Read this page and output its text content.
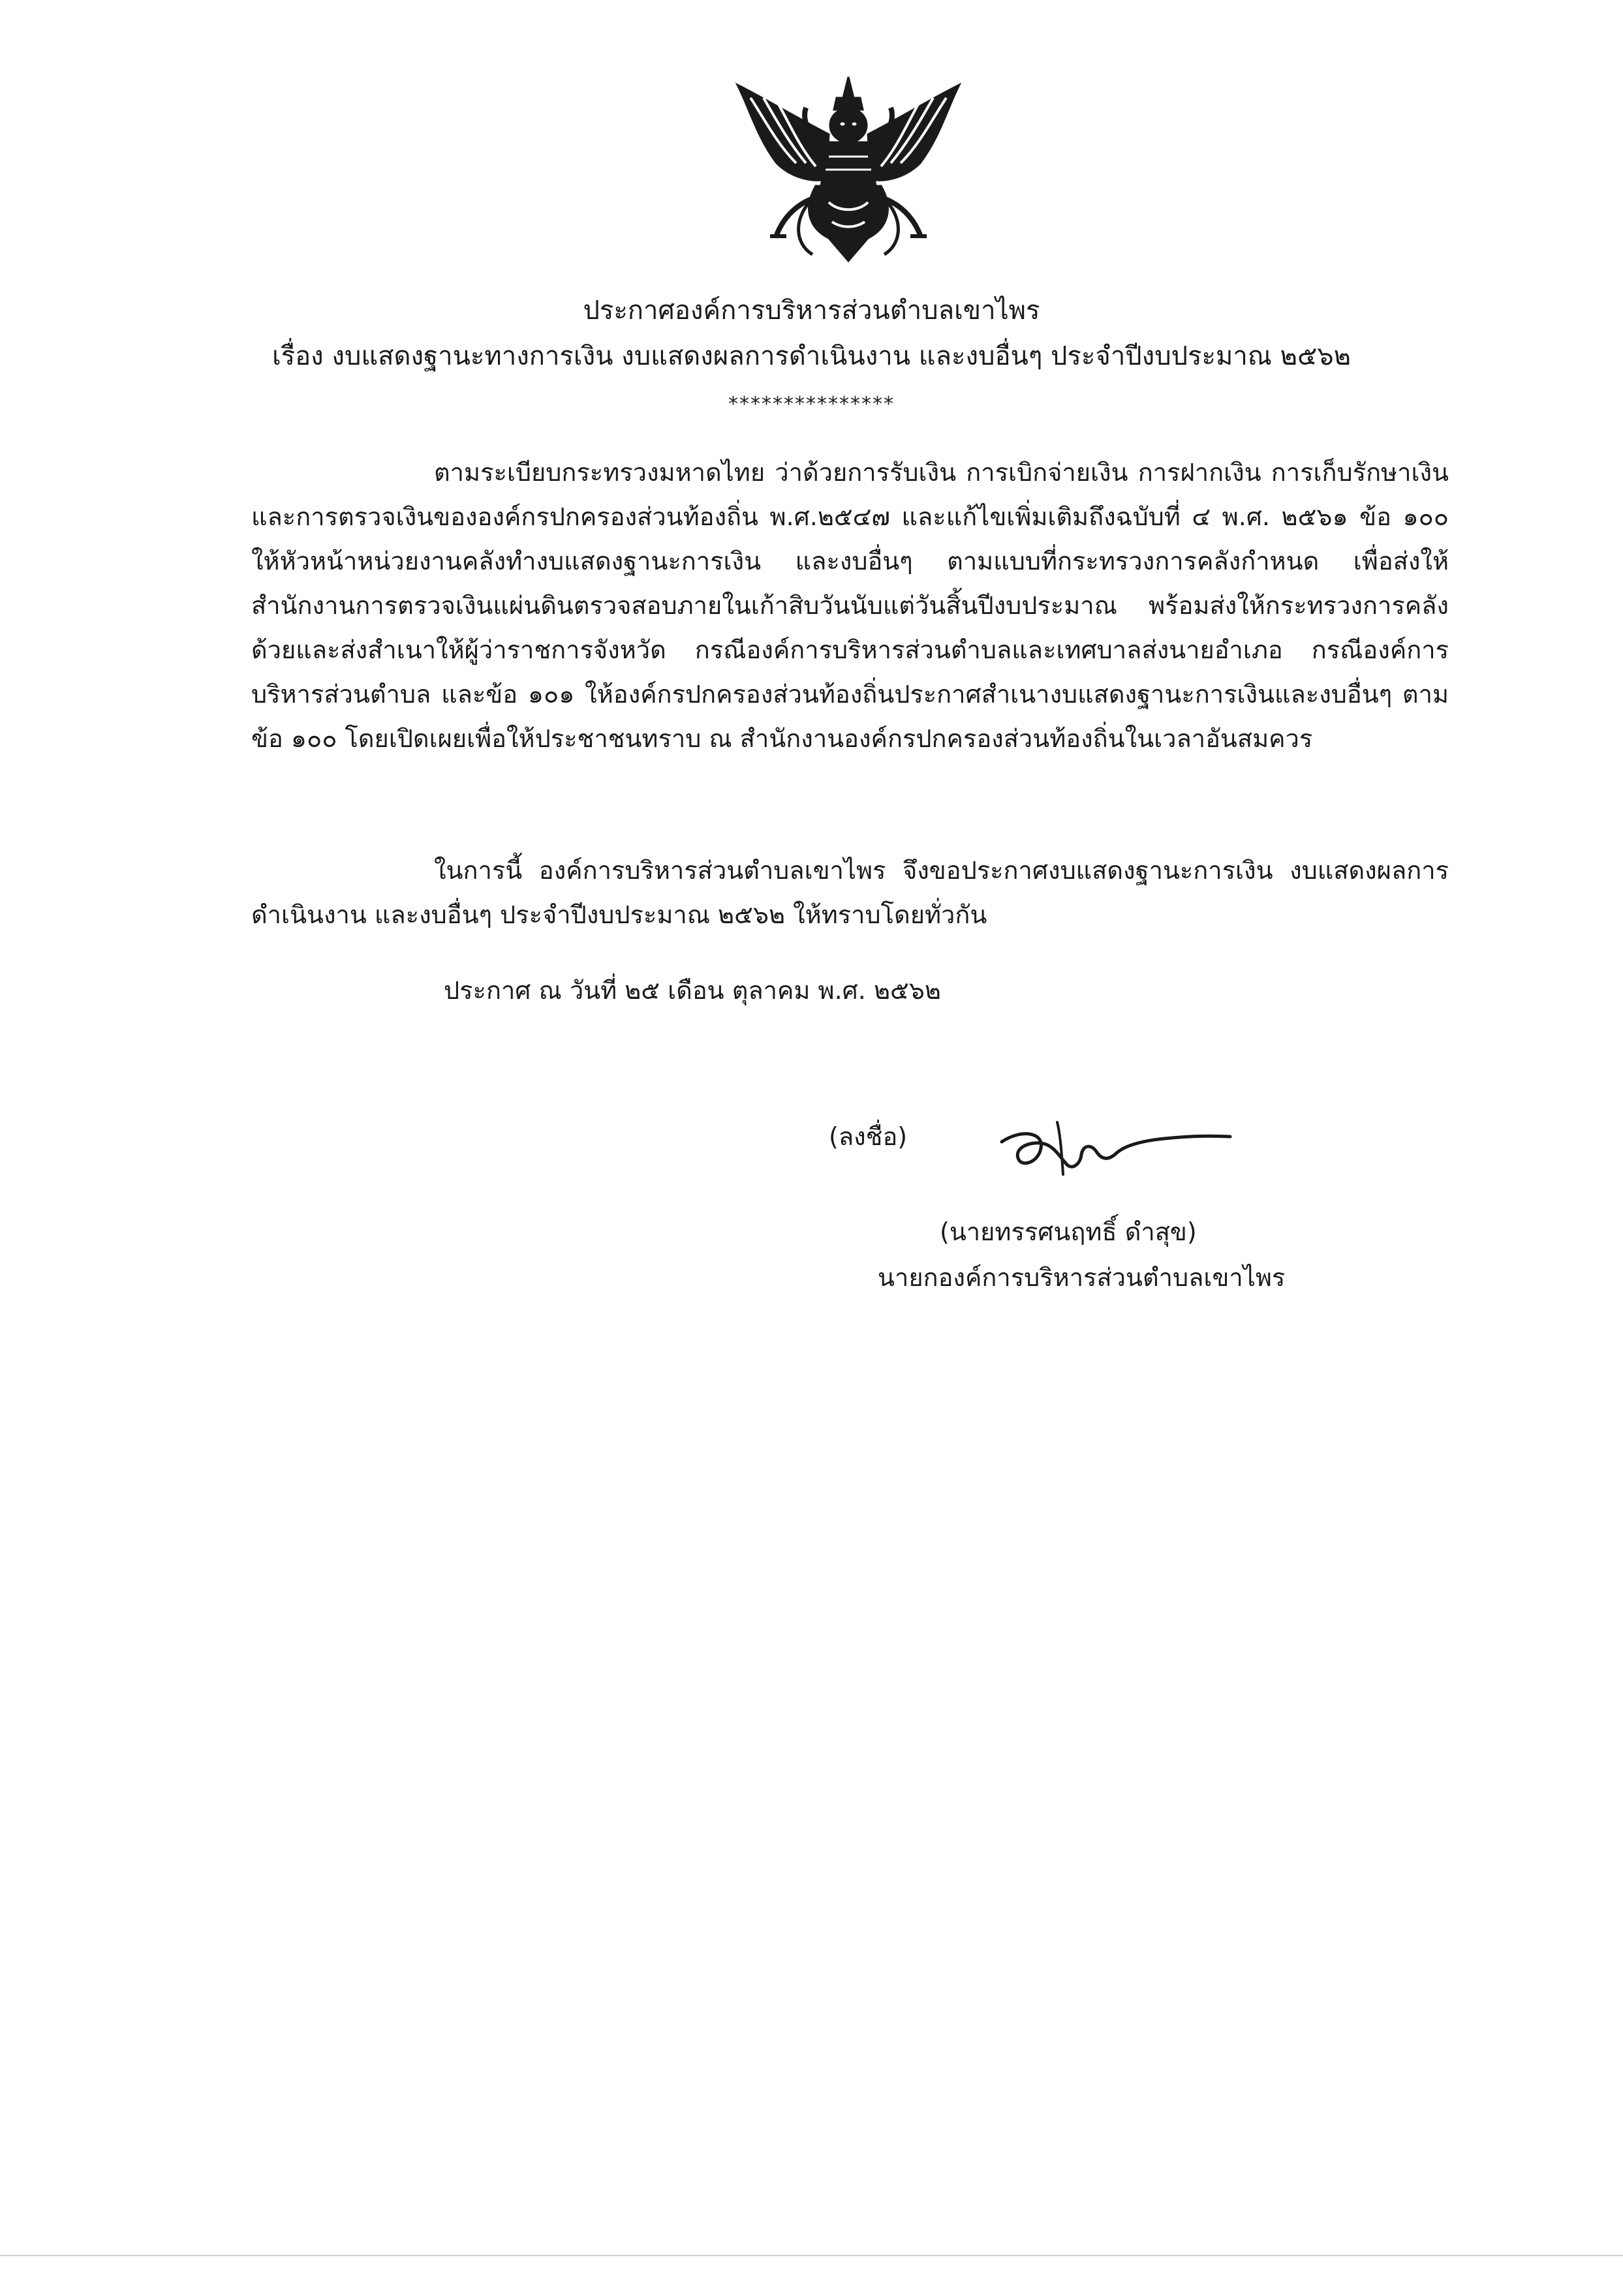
ประกาศองค์การบริหารส่วนตำบลเขาไพร
เรื่อง งบแสดงฐานะทางการเงิน งบแสดงผลการดำเนินงาน และงบอื่นๆ ประจำปีงบประมาณ ๒๕๖๒
***************
ตามระเบียบกระทรวงมหาดไทย ว่าด้วยการรับเงิน การเบิกจ่ายเงิน การฝากเงิน การเก็บรักษาเงินและการตรวจเงินขององค์กรปกครองส่วนท้องถิ่น พ.ศ.๒๕๔๗ และแก้ไขเพิ่มเติมถึงฉบับที่ ๔ พ.ศ. ๒๕๖๑ ข้อ ๑๐๐ ให้หัวหน้าหน่วยงานคลังทำงบแสดงฐานะการเงิน และงบอื่นๆ ตามแบบที่กระทรวงการคลังกำหนด เพื่อส่งให้สำนักงานการตรวจเงินแผ่นดินตรวจสอบภายในเก้าสิบวันนับแต่วันสิ้นปีงบประมาณ พร้อมส่งให้กระทรวงการคลังด้วยและส่งสำเนาให้ผู้ว่าราชการจังหวัด กรณีองค์การบริหารส่วนตำบลและเทศบาลส่งนายอำเภอ กรณีองค์การบริหารส่วนตำบล และข้อ ๑๐๑ ให้องค์กรปกครองส่วนท้องถิ่นประกาศสำเนางบแสดงฐานะการเงินและงบอื่นๆ ตามข้อ ๑๐๐ โดยเปิดเผยเพื่อให้ประชาชนทราบ ณ สำนักงานองค์กรปกครองส่วนท้องถิ่นในเวลาอันสมควร
ในการนี้ องค์การบริหารส่วนตำบลเขาไพร จึงขอประกาศงบแสดงฐานะการเงิน งบแสดงผลการดำเนินงาน และงบอื่นๆ ประจำปีงบประมาณ ๒๕๖๒ ให้ทราบโดยทั่วกัน
ประกาศ ณ วันที่ ๒๕ เดือน ตุลาคม พ.ศ. ๒๕๖๒
(ลงชื่อ)
(นายทรรศนฤทธิ์ ดำสุข)
นายกองค์การบริหารส่วนตำบลเขาไพร
